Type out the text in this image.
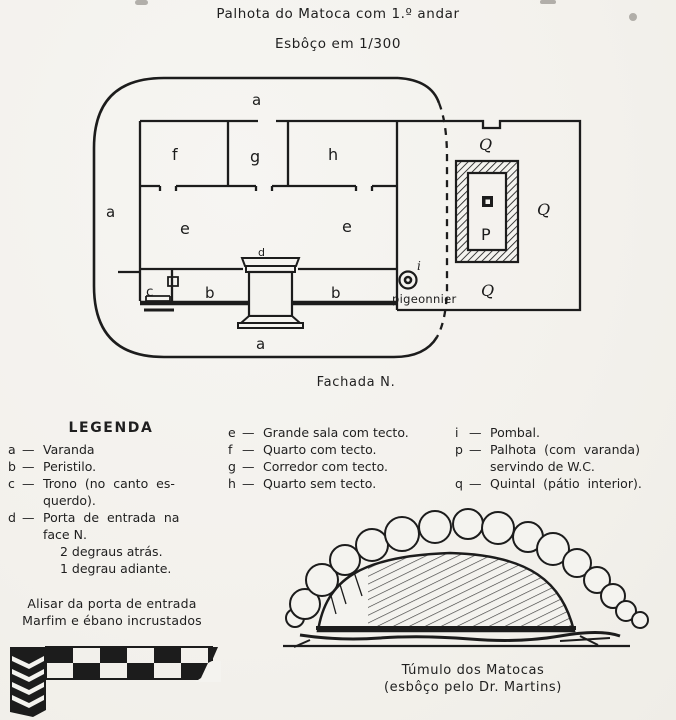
Palhota do Matoca com 1.º andar
Esbôço em 1/300
a
a
a
f	g	h
e	e
b	b
c
d
P
Q
Q
Q
i
pigeonnier
Fachada N.
LEGENDA
a — Varanda
b — Peristilo.
c — Trono  (no  canto  es-
querdo).
d — Porta  de  entrada  na
face N.
2 degraus atrás.
1 degrau adiante.
e — Grande sala com tecto.
f — Quarto com tecto.
g — Corredor com tecto.
h — Quarto sem tecto.
i — Pombal.
p — Palhota  (com  varanda)
servindo de W.C.
q — Quintal  (pátio  interior).
Alisar da porta de entrada
Marfim e ébano incrustados
Túmulo dos Matocas
(esbôço pelo Dr. Martins)
